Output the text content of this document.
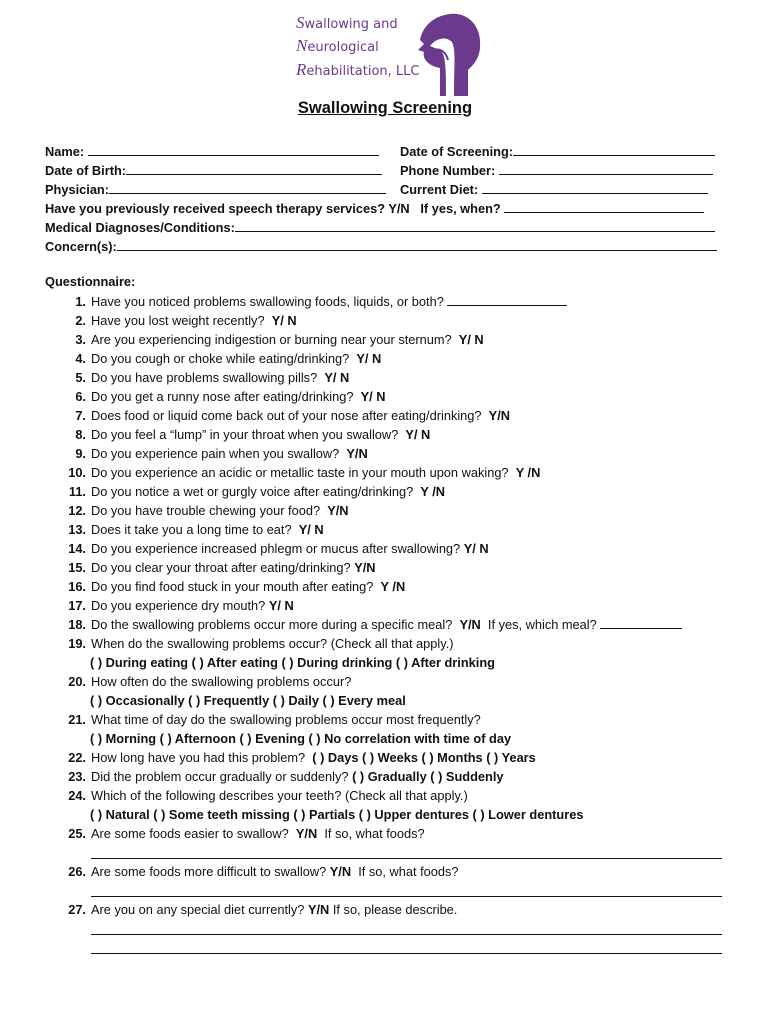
Swallowing and
Neurological
Rehabilitation, LLC
Swallowing Screening
Name:
Date of Birth:
Physician:
Date of Screening:
Phone Number:
Current Diet:
Have you previously received speech therapy services? Y/N If yes, when?
Medical Diagnoses/Conditions:
Concern(s):
Questionnaire:
1. Have you noticed problems swallowing foods, liquids, or both?
2. Have you lost weight recently? Y/ N
3. Are you experiencing indigestion or burning near your sternum? Y/ N
4. Do you cough or choke while eating/drinking? Y/ N
5. Do you have problems swallowing pills? Y/ N
6. Do you get a runny nose after eating/drinking? Y/ N
7. Does food or liquid come back out of your nose after eating/drinking? Y/N
8. Do you feel a “lump” in your throat when you swallow? Y/ N
9. Do you experience pain when you swallow? Y/N
10. Do you experience an acidic or metallic taste in your mouth upon waking? Y /N
11. Do you notice a wet or gurgly voice after eating/drinking? Y /N
12. Do you have trouble chewing your food? Y/N
13. Does it take you a long time to eat? Y/ N
14. Do you experience increased phlegm or mucus after swallowing? Y/ N
15. Do you clear your throat after eating/drinking? Y/N
16. Do you find food stuck in your mouth after eating? Y /N
17. Do you experience dry mouth? Y/ N
18. Do the swallowing problems occur more during a specific meal? Y/N If yes, which meal?
19. When do the swallowing problems occur? (Check all that apply.)
( ) During eating ( ) After eating ( ) During drinking ( ) After drinking
20. How often do the swallowing problems occur?
( ) Occasionally ( ) Frequently ( ) Daily ( ) Every meal
21. What time of day do the swallowing problems occur most frequently?
( ) Morning ( ) Afternoon ( ) Evening ( ) No correlation with time of day
22. How long have you had this problem? ( ) Days ( ) Weeks ( ) Months ( ) Years
23. Did the problem occur gradually or suddenly? ( ) Gradually ( ) Suddenly
24. Which of the following describes your teeth? (Check all that apply.)
( ) Natural ( ) Some teeth missing ( ) Partials ( ) Upper dentures ( ) Lower dentures
25. Are some foods easier to swallow? Y/N If so, what foods?
26. Are some foods more difficult to swallow? Y/N If so, what foods?
27. Are you on any special diet currently? Y/N If so, please describe.
